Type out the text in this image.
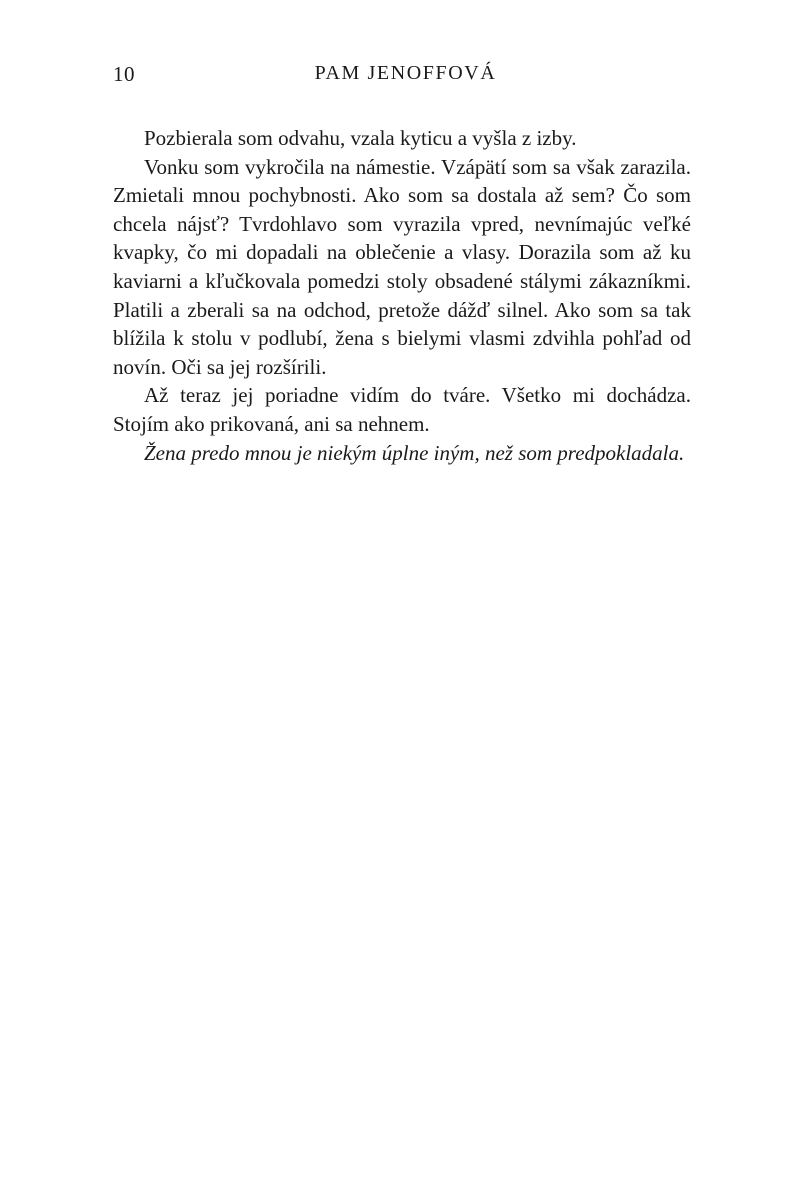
10	PAM JENOFFOVÁ

Pozbierala som odvahu, vzala kyticu a vyšla z izby.

Vonku som vykročila na námestie. Vzápätí som sa však zarazila. Zmietali mnou pochybnosti. Ako som sa dostala až sem? Čo som chcela nájsť? Tvrdohlavo som vyrazila vpred, nevnímajúc veľké kvapky, čo mi dopadali na oblečenie a vlasy. Dorazila som až ku kaviarni a kľučkovala pomedzi stoly obsadené stálymi zákazníkmi. Platili a zberali sa na odchod, pretože dážď silnel. Ako som sa tak blížila k stolu v podlubí, žena s bielymi vlasmi zdvihla pohľad od novín. Oči sa jej rozšírili.

Až teraz jej poriadne vidím do tváre. Všetko mi dochádza. Stojím ako prikovaná, ani sa nehnem.

Žena predo mnou je niekým úplne iným, než som predpokladala.
